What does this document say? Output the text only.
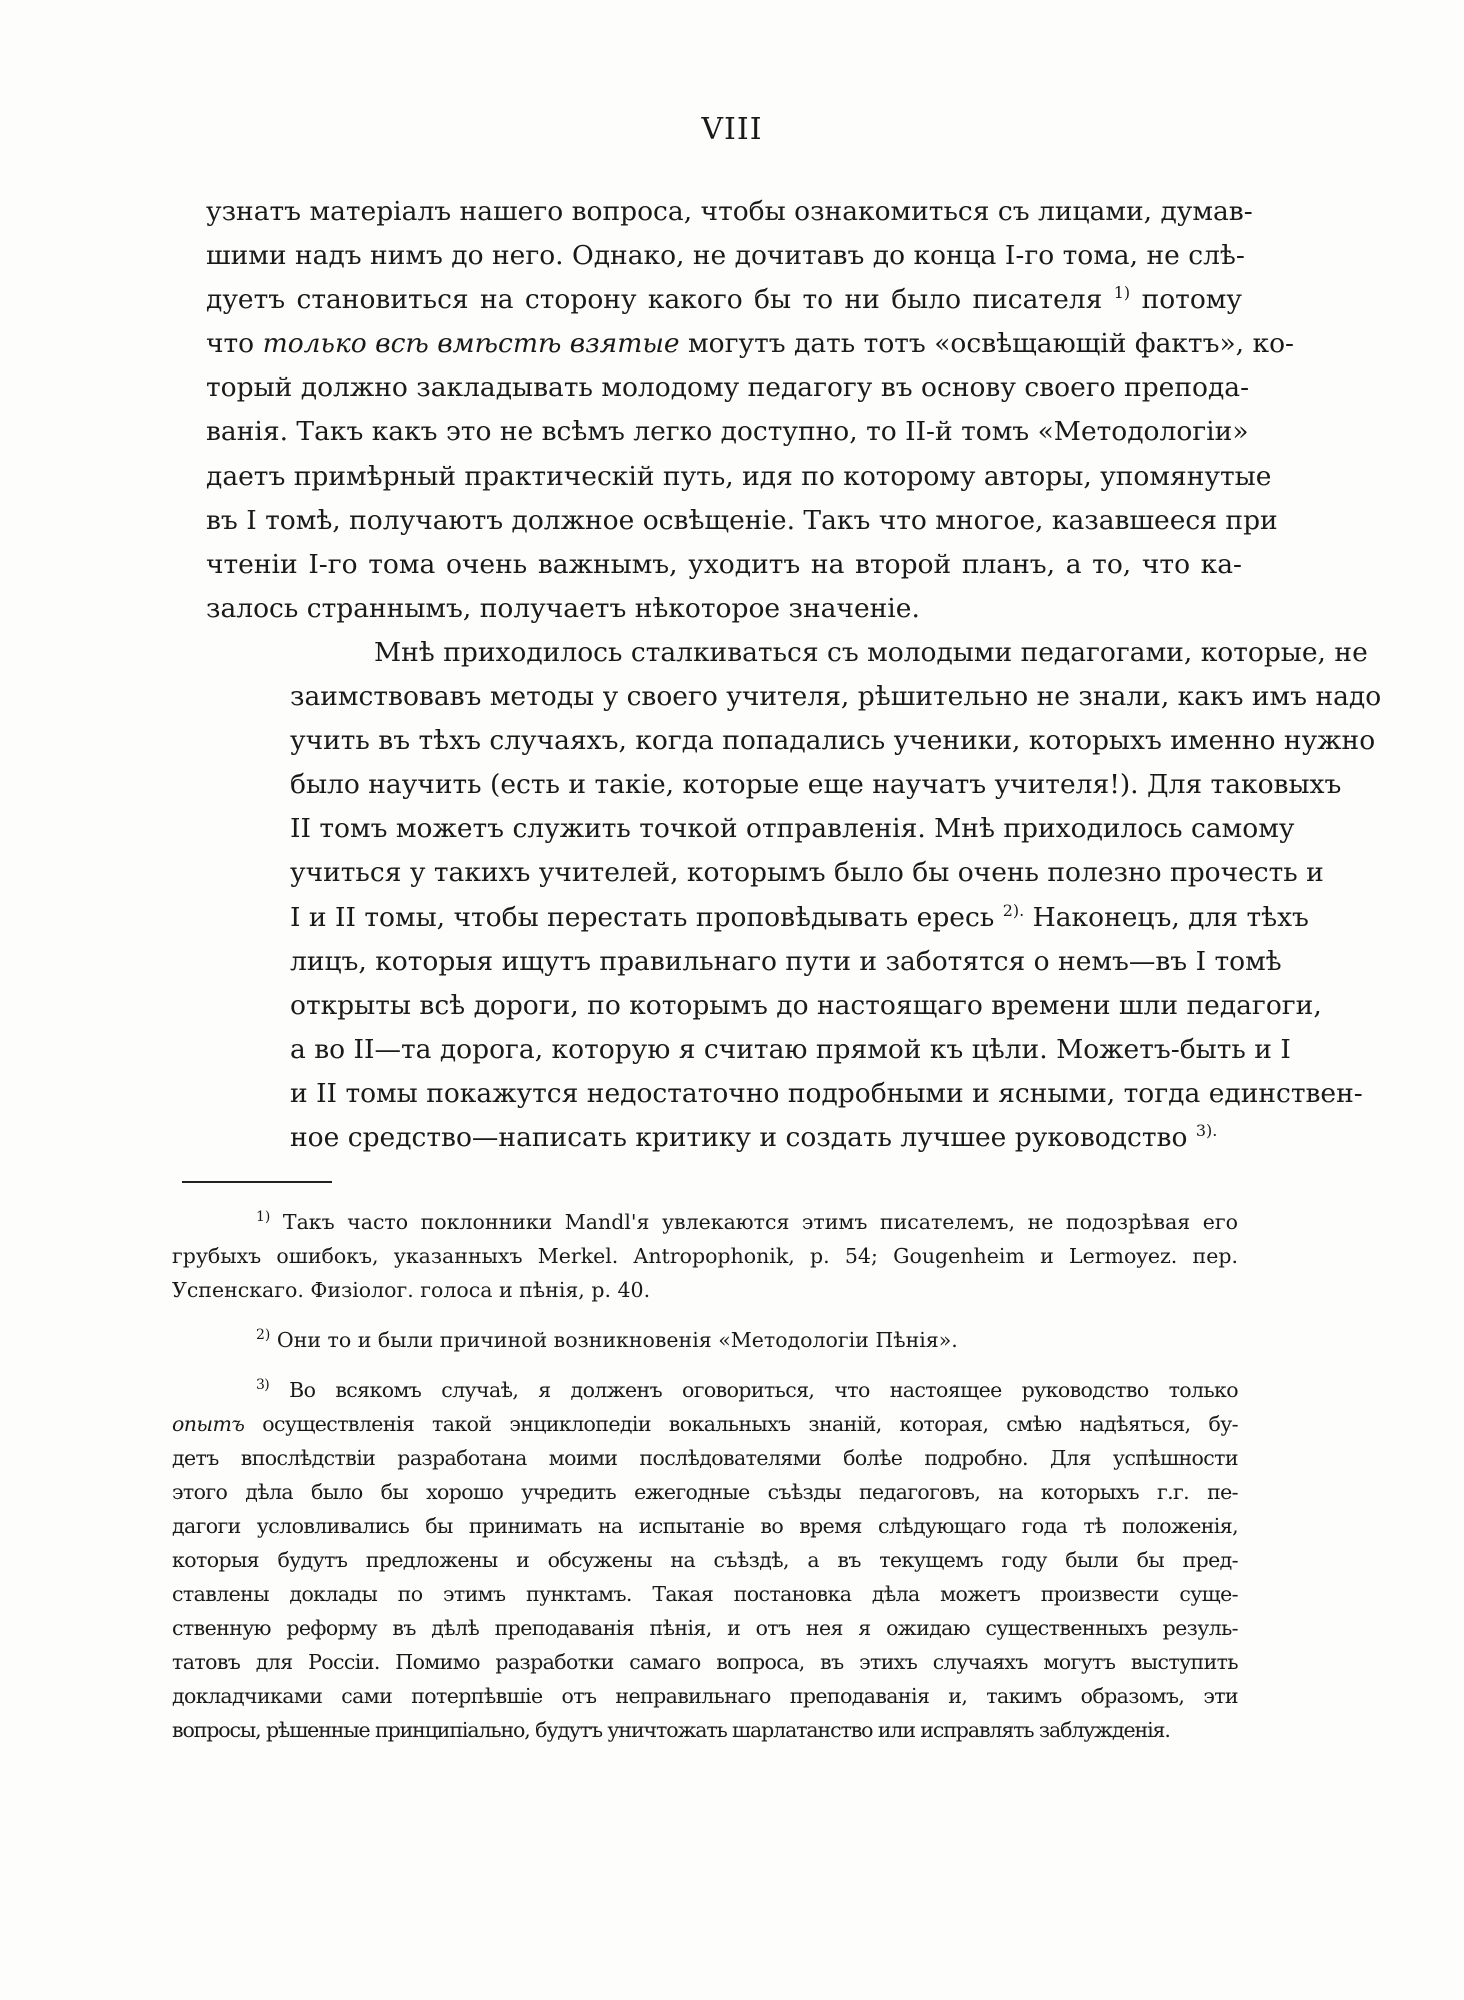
VIII
узнатъ матеріалъ нашего вопроса, чтобы ознакомиться съ лицами, думав-
шими надъ нимъ до него. Однако, не дочитавъ до конца I-го тома, не слѣ-
дуетъ становиться на сторону какого бы то ни было писателя $^{1)}$ потому
что только всѣ вмѣстѣ взятые могутъ дать тотъ «освѣщающій фактъ», ко-
торый должно закладывать молодому педагогу въ основу своего препода-
ванія. Такъ какъ это не всѣмъ легко доступно, то II-й томъ «Методологіи»
даетъ примѣрный практическій путь, идя по которому авторы, упомянутые
въ I томѣ, получаютъ должное освѣщеніе. Такъ что многое, казавшееся при
чтеніи I-го тома очень важнымъ, уходитъ на второй планъ, а то, что ка-
залось страннымъ, получаетъ нѣкоторое значеніе.
Мнѣ приходилось сталкиваться съ молодыми педагогами, которые, не
заимствовавъ методы у своего учителя, рѣшительно не знали, какъ имъ надо
учить въ тѣхъ случаяхъ, когда попадались ученики, которыхъ именно нужно
было научить (есть и такіе, которые еще научатъ учителя!). Для таковыхъ
II томъ можетъ служить точкой отправленія. Мнѣ приходилось самому
учиться у такихъ учителей, которымъ было бы очень полезно прочесть и
I и II томы, чтобы перестать проповѣдывать ересь $^{2).}$ Наконецъ, для тѣхъ
лицъ, которыя ищутъ правильнаго пути и заботятся о немъ—въ I томѣ
открыты всѣ дороги, по которымъ до настоящаго времени шли педагоги,
а во II—та дорога, которую я считаю прямой къ цѣли. Можетъ-быть и I
и II томы покажутся недостаточно подробными и ясными, тогда единствен-
ное средство—написать критику и создать лучшее руководство $^{3).}$
$^{1)}$ Такъ часто поклонники Mandl'я увлекаются этимъ писателемъ, не подозрѣвая его
грубыхъ ошибокъ, указанныхъ Merkel. Antropophonik, p. 54; Gougenheim и Lermoyez. пер.
Успенскаго. Физіолог. голоса и пѣнія, p. 40.
$^{2)}$ Они то и были причиной возникновенія «Методологіи Пѣнія».
$^{3)}$ Во всякомъ случаѣ, я долженъ оговориться, что настоящее руководство только
опытъ осуществленія такой энциклопедіи вокальныхъ знаній, которая, смѣю надѣяться, бу-
детъ впослѣдствіи разработана моими послѣдователями болѣе подробно. Для успѣшности
этого дѣла было бы хорошо учредить ежегодные съѣзды педагоговъ, на которыхъ г.г. пе-
дагоги условливались бы принимать на испытаніе во время слѣдующаго года тѣ положенія,
которыя будутъ предложены и обсужены на съѣздѣ, а въ текущемъ году были бы пред-
ставлены доклады по этимъ пунктамъ. Такая постановка дѣла можетъ произвести суще-
ственную реформу въ дѣлѣ преподаванія пѣнія, и отъ нея я ожидаю существенныхъ резуль-
татовъ для Россіи. Помимо разработки самаго вопроса, въ этихъ случаяхъ могутъ выступить
докладчиками сами потерпѣвшіе отъ неправильнаго преподаванія и, такимъ образомъ, эти
вопросы, рѣшенные принципіально, будутъ уничтожать шарлатанство или исправлять заблужденія.
